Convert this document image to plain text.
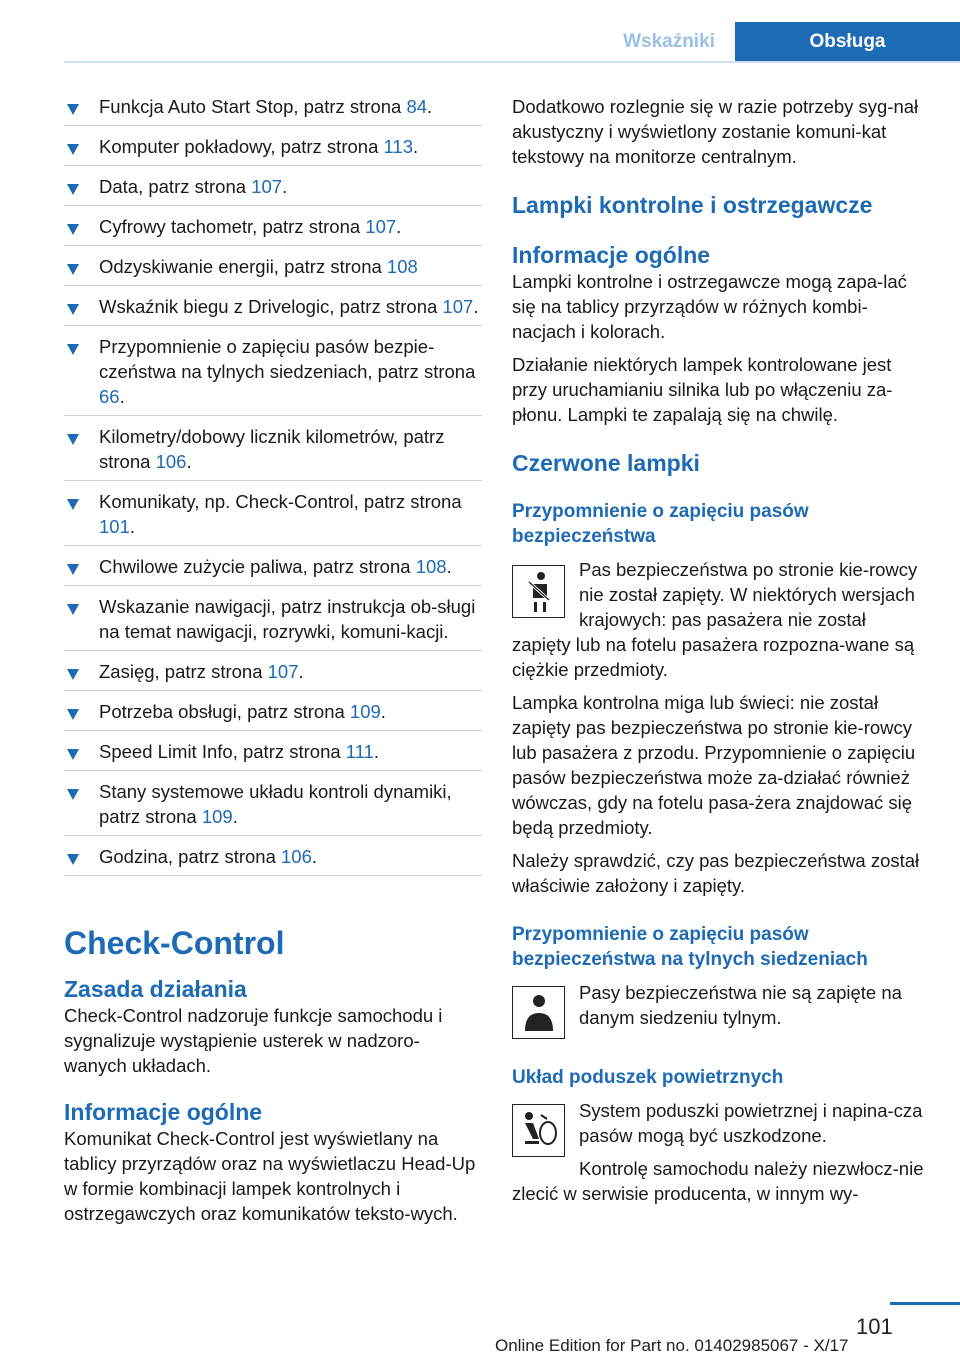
Wskaźniki	Obsługa
Funkcja Auto Start Stop, patrz strona 84.
Komputer pokładowy, patrz strona 113.
Data, patrz strona 107.
Cyfrowy tachometr, patrz strona 107.
Odzyskiwanie energii, patrz strona 108
Wskaźnik biegu z Drivelogic, patrz strona 107.
Przypomnienie o zapięciu pasów bezpie‐czeństwa na tylnych siedzeniach, patrz strona 66.
Kilometry/dobowy licznik kilometrów, patrz strona 106.
Komunikaty, np. Check-Control, patrz strona 101.
Chwilowe zużycie paliwa, patrz strona 108.
Wskazanie nawigacji, patrz instrukcja ob‐sługi na temat nawigacji, rozrywki, komuni‐kacji.
Zasięg, patrz strona 107.
Potrzeba obsługi, patrz strona 109.
Speed Limit Info, patrz strona 111.
Stany systemowe układu kontroli dynamiki, patrz strona 109.
Godzina, patrz strona 106.
Check-Control
Zasada działania

Check-Control nadzoruje funkcje samochodu i sygnalizuje wystąpienie usterek w nadzoro‐wanych układach.

Informacje ogólne

Komunikat Check-Control jest wyświetlany na tablicy przyrządów oraz na wyświetlaczu Head-Up w formie kombinacji lampek kontrolnych i ostrzegawczych oraz komunikatów teksto‐wych.

Dodatkowo rozlegnie się w razie potrzeby syg‐nał akustyczny i wyświetlony zostanie komuni‐kat tekstowy na monitorze centralnym.

Lampki kontrolne i ostrzegawcze
Informacje ogólne

Lampki kontrolne i ostrzegawcze mogą zapa‐lać się na tablicy przyrządów w różnych kombi‐nacjach i kolorach.

Działanie niektórych lampek kontrolowane jest przy uruchamianiu silnika lub po włączeniu za‐płonu. Lampki te zapalają się na chwilę.

Czerwone lampki
Przypomnienie o zapięciu pasów bezpieczeństwa

Pas bezpieczeństwa po stronie kie‐rowcy nie został zapięty. W niektórych wersjach krajowych: pas pasażera nie został zapięty lub na fotelu pasażera rozpozna‐wane są ciężkie przedmioty.

Lampka kontrolna miga lub świeci: nie został zapięty pas bezpieczeństwa po stronie kie‐rowcy lub pasażera z przodu. Przypomnienie o zapięciu pasów bezpieczeństwa może za‐działać również wówczas, gdy na fotelu pasa‐żera znajdować się będą przedmioty.

Należy sprawdzić, czy pas bezpieczeństwa został właściwie założony i zapięty.

Przypomnienie o zapięciu pasów bezpieczeństwa na tylnych siedzeniach

Pasy bezpieczeństwa nie są zapięte na danym siedzeniu tylnym.

Układ poduszek powietrznych

System poduszki powietrznej i napina‐cza pasów mogą być uszkodzone.

Kontrolę samochodu należy niezwłocz‐nie zlecić w serwisie producenta, w innym wy-

101
Online Edition for Part no. 01402985067 - X/17
